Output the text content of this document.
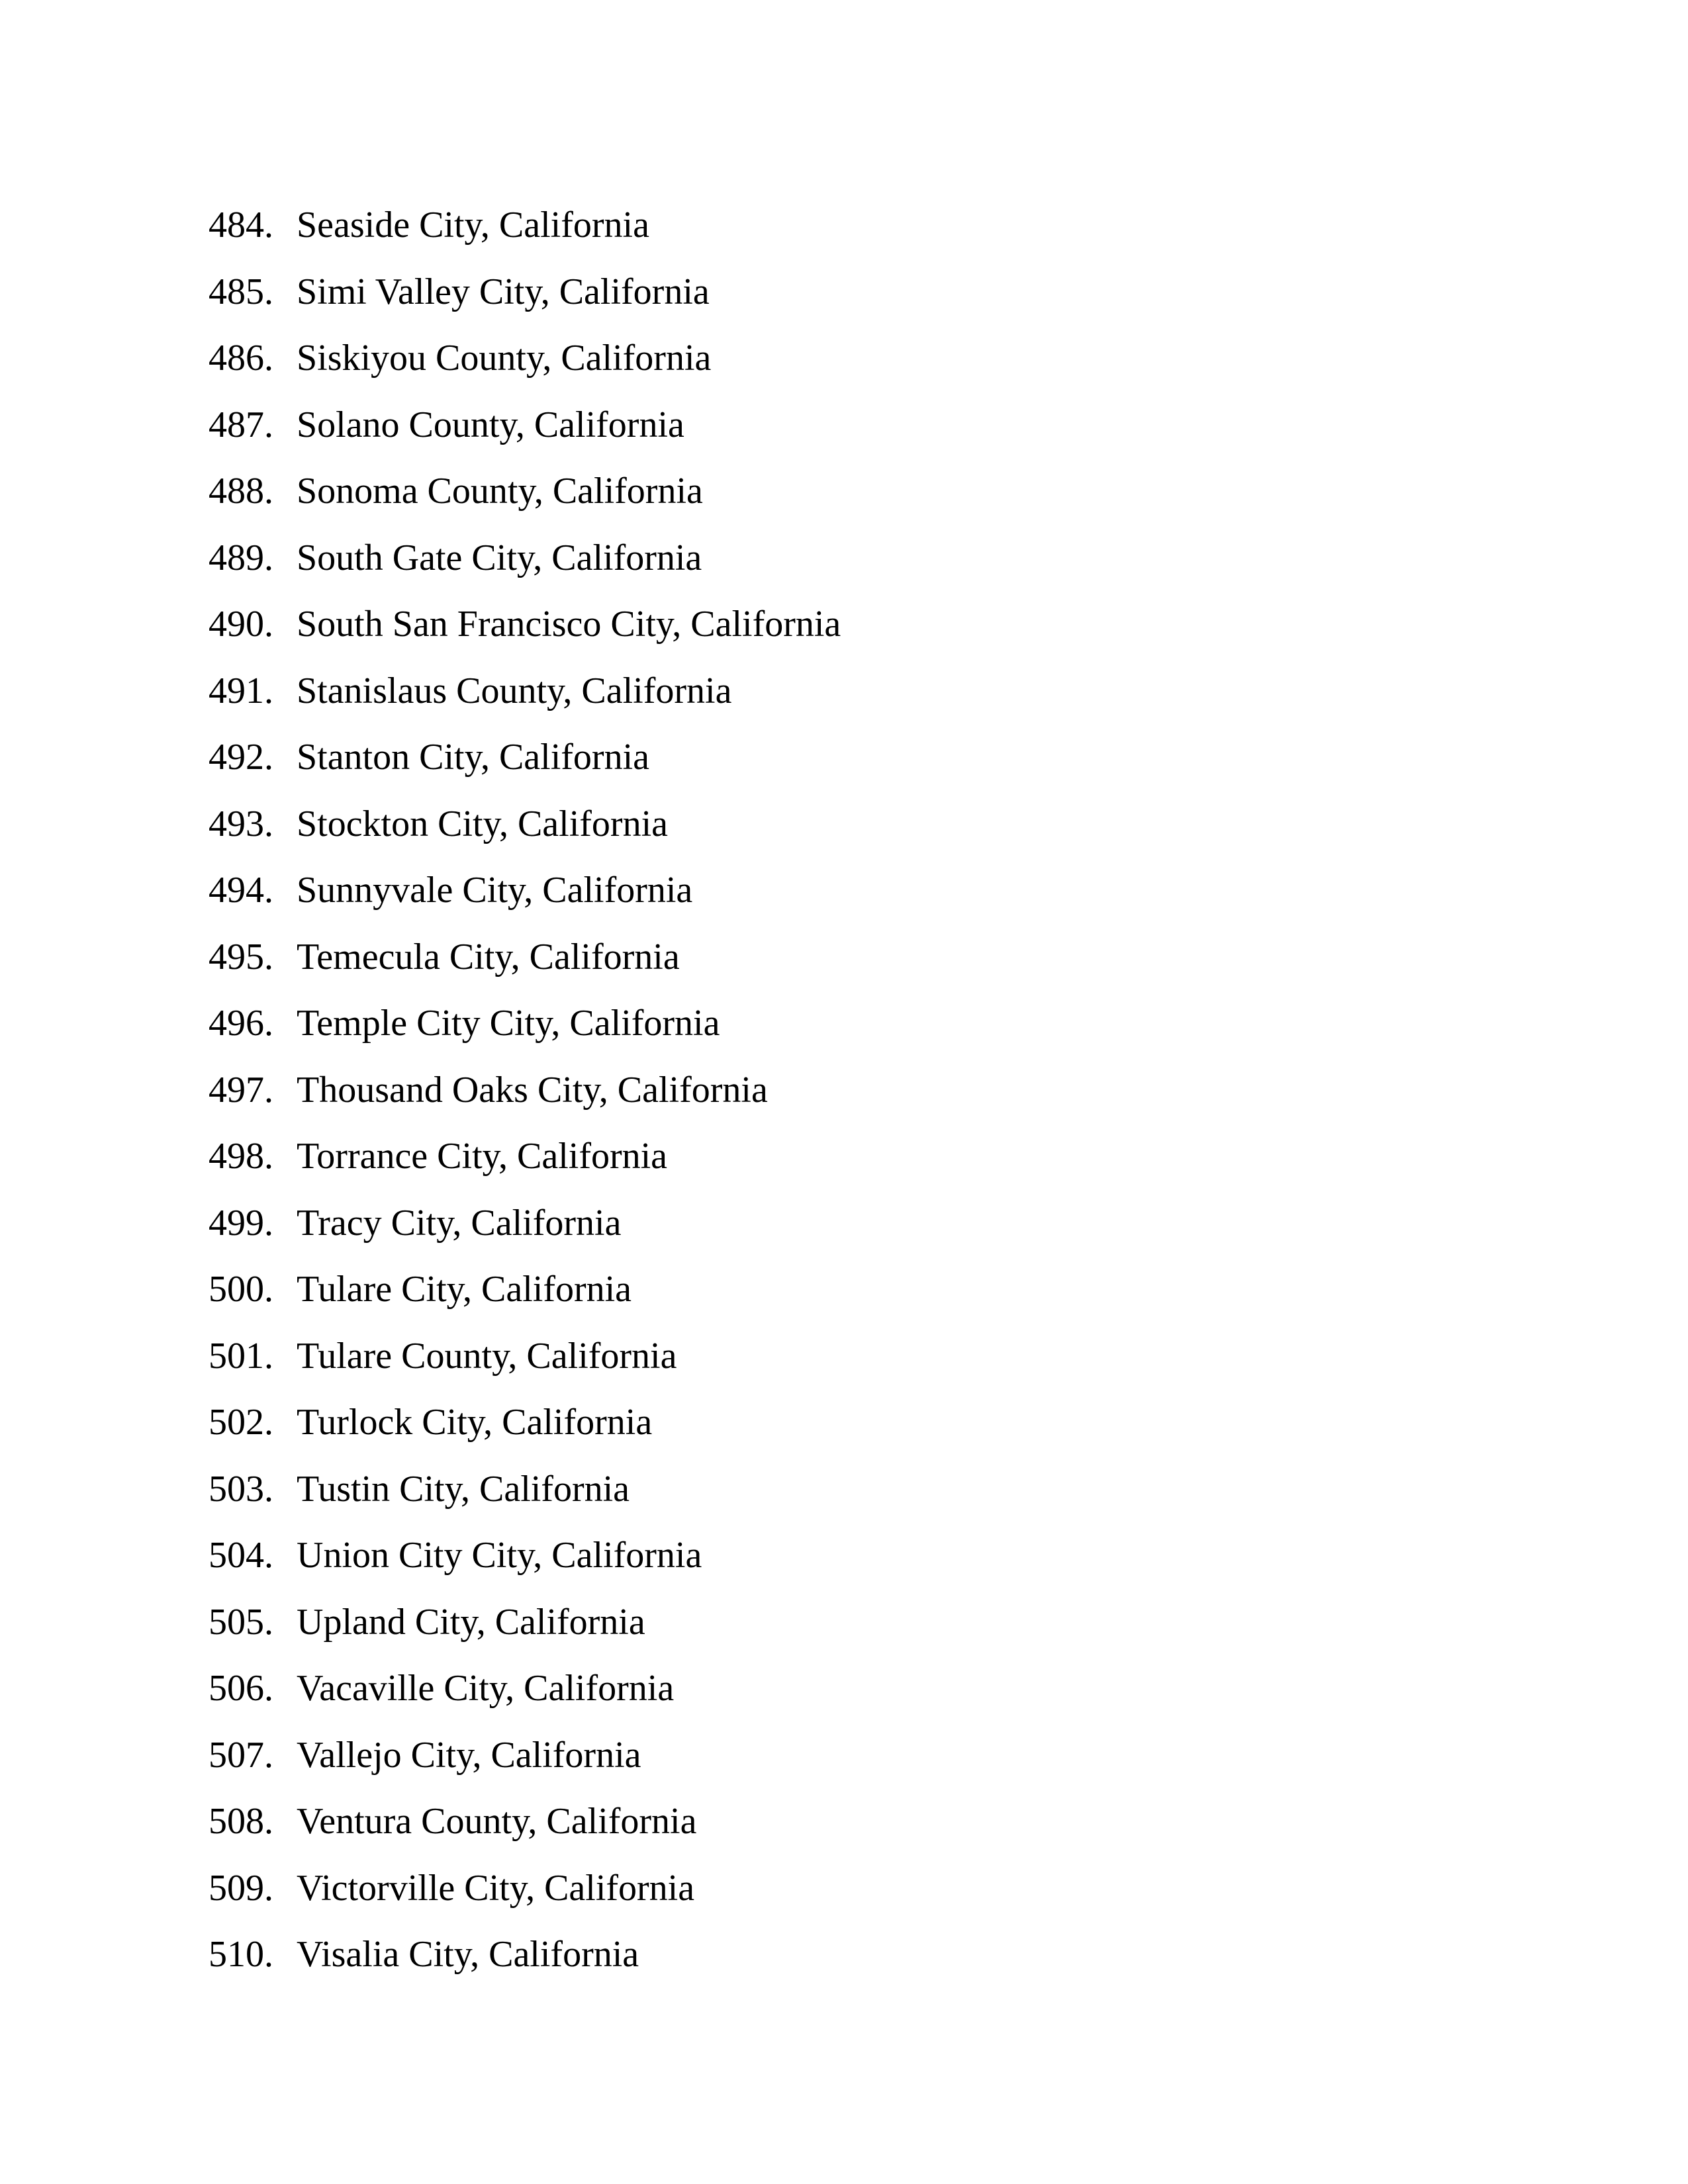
484. Seaside City, California
485. Simi Valley City, California
486. Siskiyou County, California
487. Solano County, California
488. Sonoma County, California
489. South Gate City, California
490. South San Francisco City, California
491. Stanislaus County, California
492. Stanton City, California
493. Stockton City, California
494. Sunnyvale City, California
495. Temecula City, California
496. Temple City City, California
497. Thousand Oaks City, California
498. Torrance City, California
499. Tracy City, California
500. Tulare City, California
501. Tulare County, California
502. Turlock City, California
503. Tustin City, California
504. Union City City, California
505. Upland City, California
506. Vacaville City, California
507. Vallejo City, California
508. Ventura County, California
509. Victorville City, California
510. Visalia City, California
